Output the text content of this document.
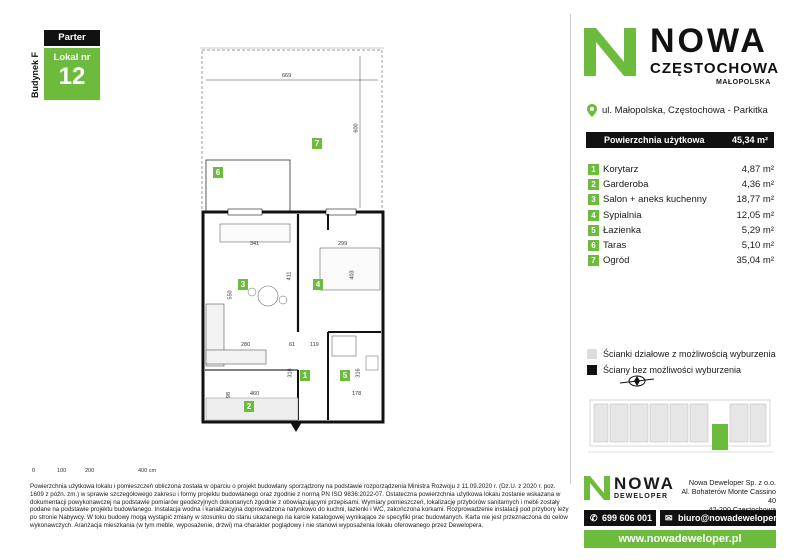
Budynek F
Parter
Lokal nr
12
0	100	200	400 cm
669
600
341	299
411	403
550
280	61	119
318	316
178
460
98
7
6
3	4
1	5
2
NOWA
CZĘSTOCHOWA
MAŁOPOLSKA
ul. Małopolska, Częstochowa - Parkitka
Powierzchnia użytkowa	45,34 m²
1 Korytarz	4,87 m²
2 Garderoba	4,36 m²
3 Salon + aneks kuchenny	18,77 m²
4 Sypialnia	12,05 m²
5 Łazienka	5,29 m²
6 Taras	5,10 m²
7 Ogród	35,04 m²
Ścianki działowe z możliwością wyburzenia
Ściany bez możliwości wyburzenia
Powierzchnia użytkowa lokalu i pomieszczeń obliczona została w oparciu o projekt budowlany sporządzony na podstawie rozporządzenia Ministra Rozwoju z 11.09.2020 r. (Dz.U. z 2020 r. poz. 1609 z późn. zm.) w sprawie szczegółowego zakresu i formy projektu budowlanego oraz zgodnie z normą PN ISO 9836:2022-07. Ostateczna powierzchnia użytkowa lokalu zostanie wskazana w dokumentacji powykonawczej na podstawie pomiarów geodezyjnych dokonanych zgodnie z obowiązującymi przepisami. Wymiary pomieszczeń, lokalizację przyborów sanitarnych i mebli zostały podane na podstawie projektu budowlanego. Instalacja wodna i kanalizacyjna doprowadzona natynkowo do kuchni, łazienki i WC, zakończona korkami. Rozprowadzenie instalacji pod przybory leży po stronie Nabywcy. W toku budowy mogą wystąpić zmiany w stosunku do stanu ukazanego na karcie katalogowej wynikające ze specyfiki prac budowlanych. Karta nie jest przeznaczona do celów wykonawczych. Aranżacja mieszkania (w tym meble, wyposażenie, drzwi) ma charakter poglądowy i nie stanowi wyposażenia lokalu oferowanego przez Dewelopera.
NOWA
DEWELOPER
Nowa Deweloper Sp. z o.o.
Al. Bohaterów Monte Cassino 40
✆ 699 606 001 ✉ biuro@nowadeweloper.pl
www.nowadeweloper.pl
